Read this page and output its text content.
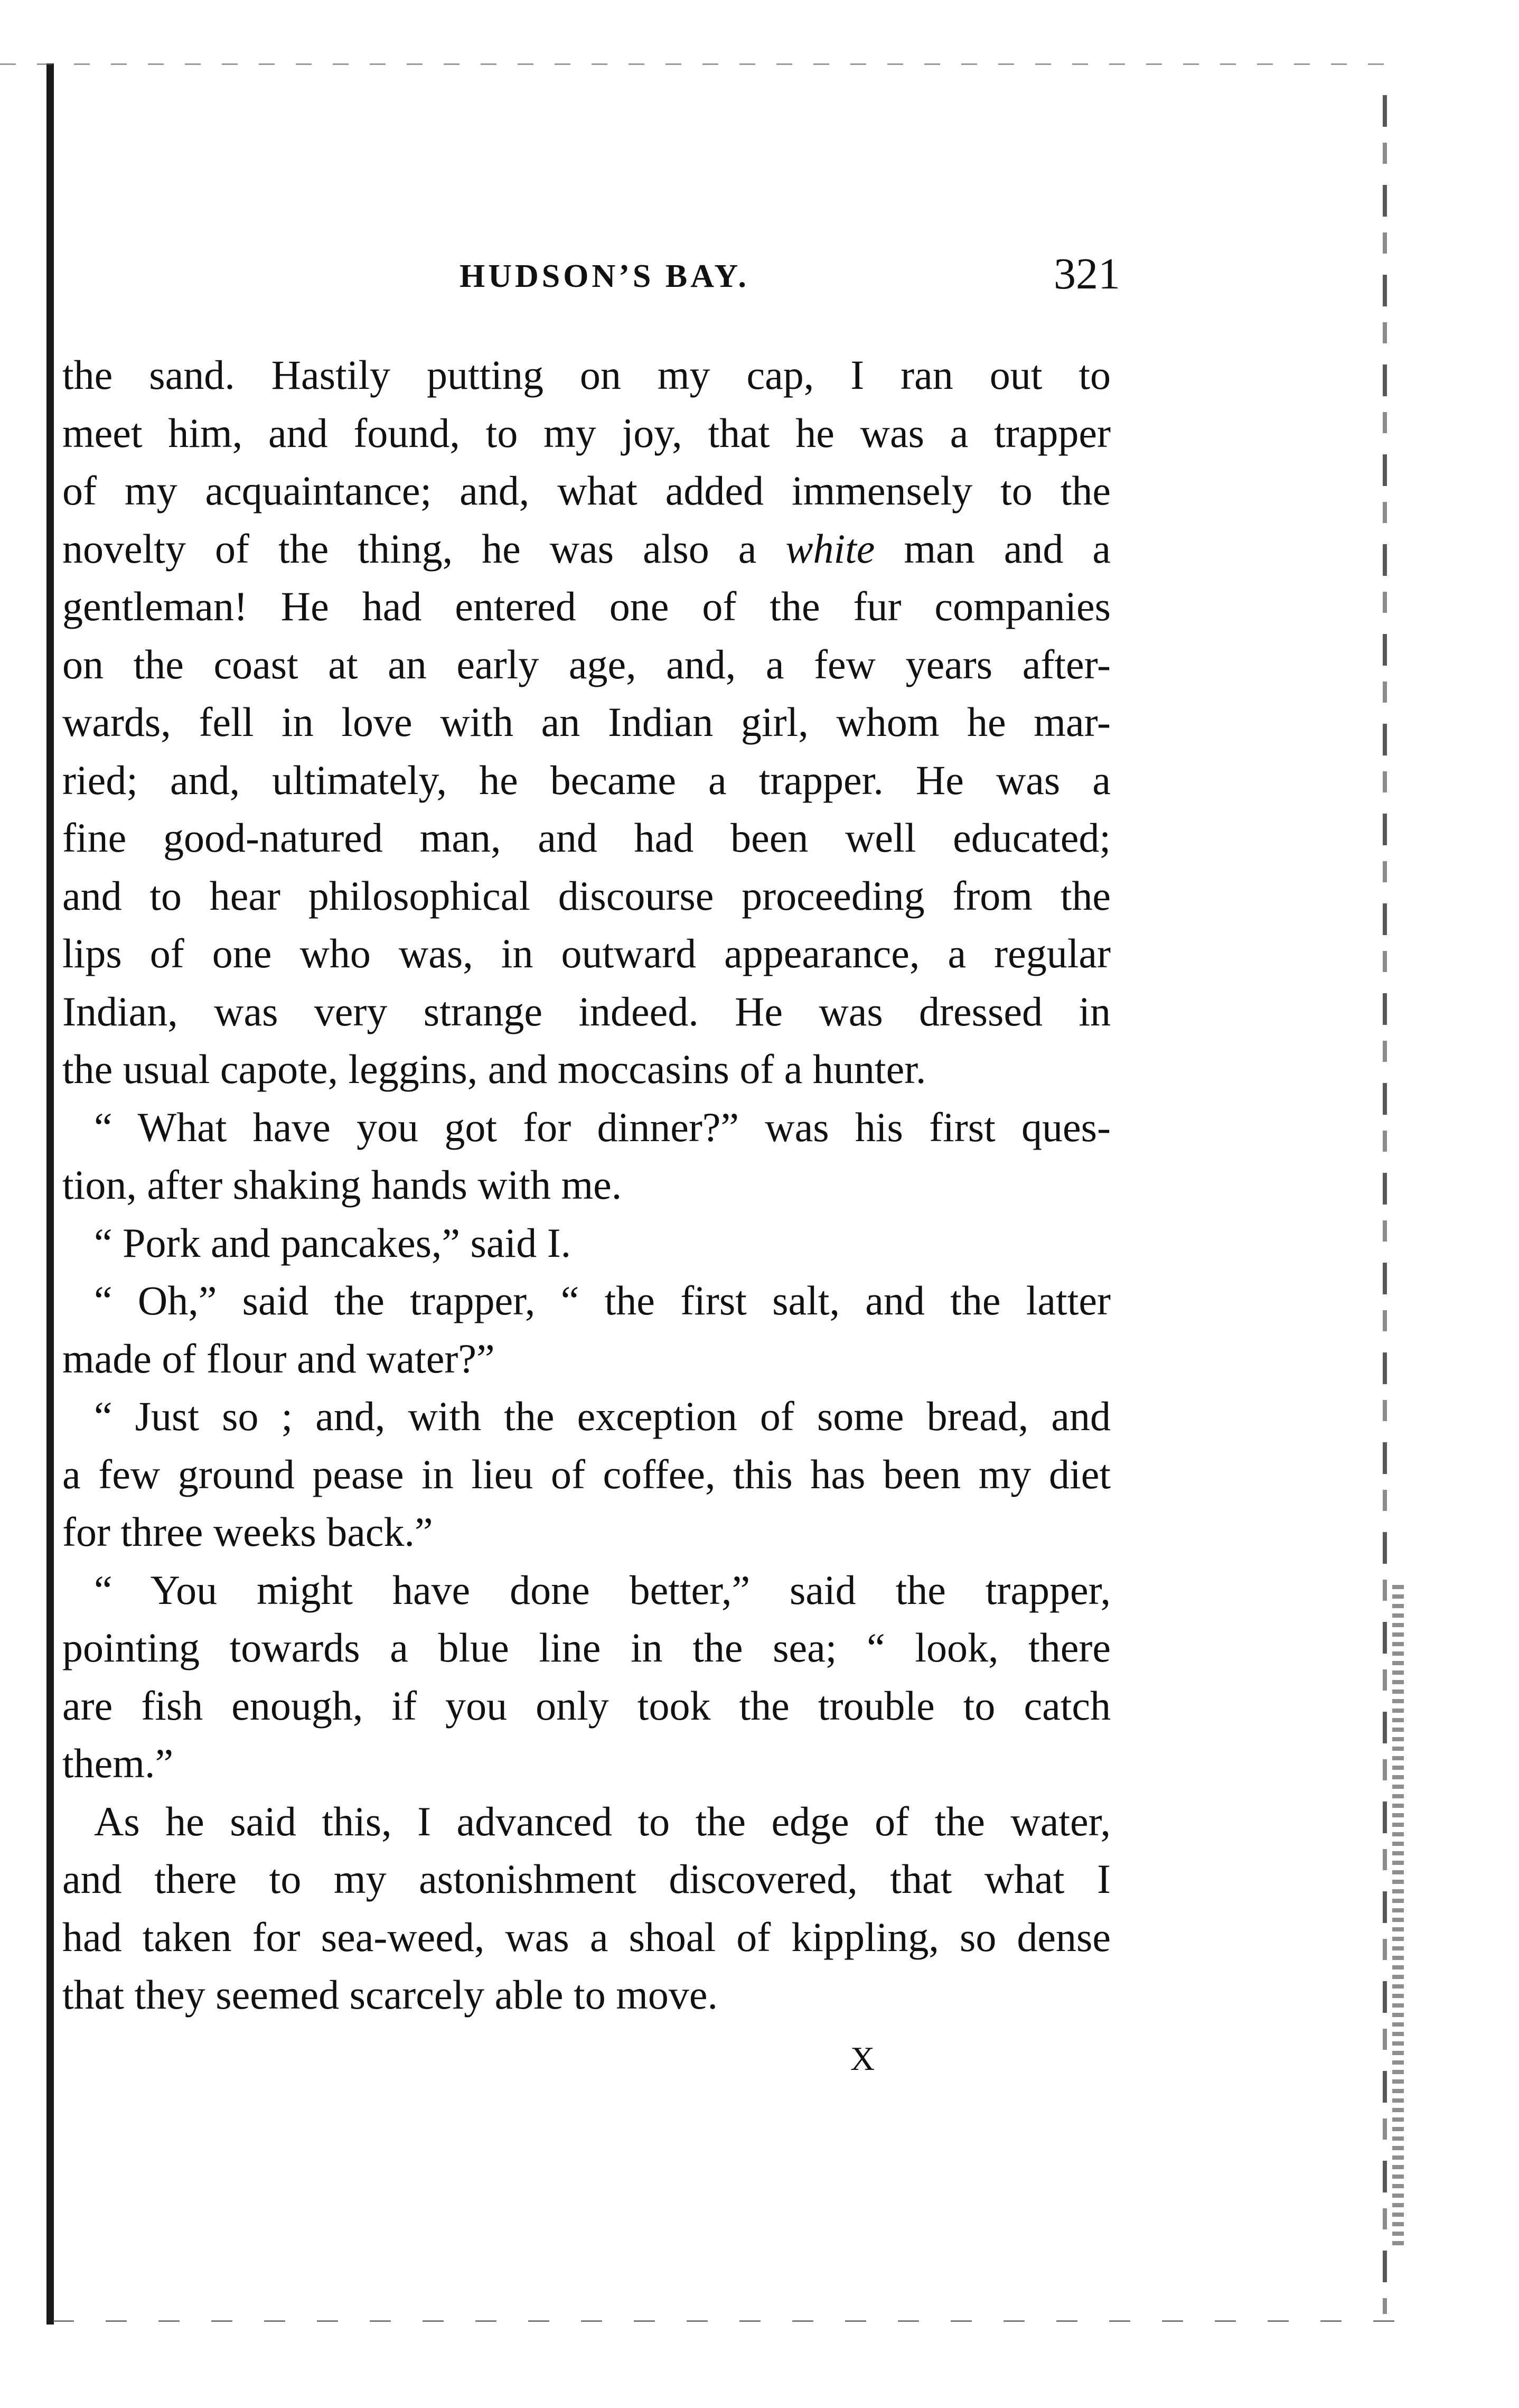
HUDSON’S BAY.	321
the sand. Hastily putting on my cap, I ran out to
meet him, and found, to my joy, that he was a trapper
of my acquaintance; and, what added immensely to the
novelty of the thing, he was also a white man and a
gentleman! He had entered one of the fur companies
on the coast at an early age, and, a few years after-
wards, fell in love with an Indian girl, whom he mar-
ried; and, ultimately, he became a trapper. He was a
fine good-natured man, and had been well educated;
and to hear philosophical discourse proceeding from the
lips of one who was, in outward appearance, a regular
Indian, was very strange indeed. He was dressed in
the usual capote, leggins, and moccasins of a hunter.
“ What have you got for dinner?” was his first ques-
tion, after shaking hands with me.
“ Pork and pancakes,” said I.
“ Oh,” said the trapper, “ the first salt, and the latter
made of flour and water?”
“ Just so ; and, with the exception of some bread, and
a few ground pease in lieu of coffee, this has been my diet
for three weeks back.”
“ You might have done better,” said the trapper,
pointing towards a blue line in the sea; “ look, there
are fish enough, if you only took the trouble to catch
them.”
As he said this, I advanced to the edge of the water,
and there to my astonishment discovered, that what I
had taken for sea-weed, was a shoal of kippling, so dense
that they seemed scarcely able to move.
X
